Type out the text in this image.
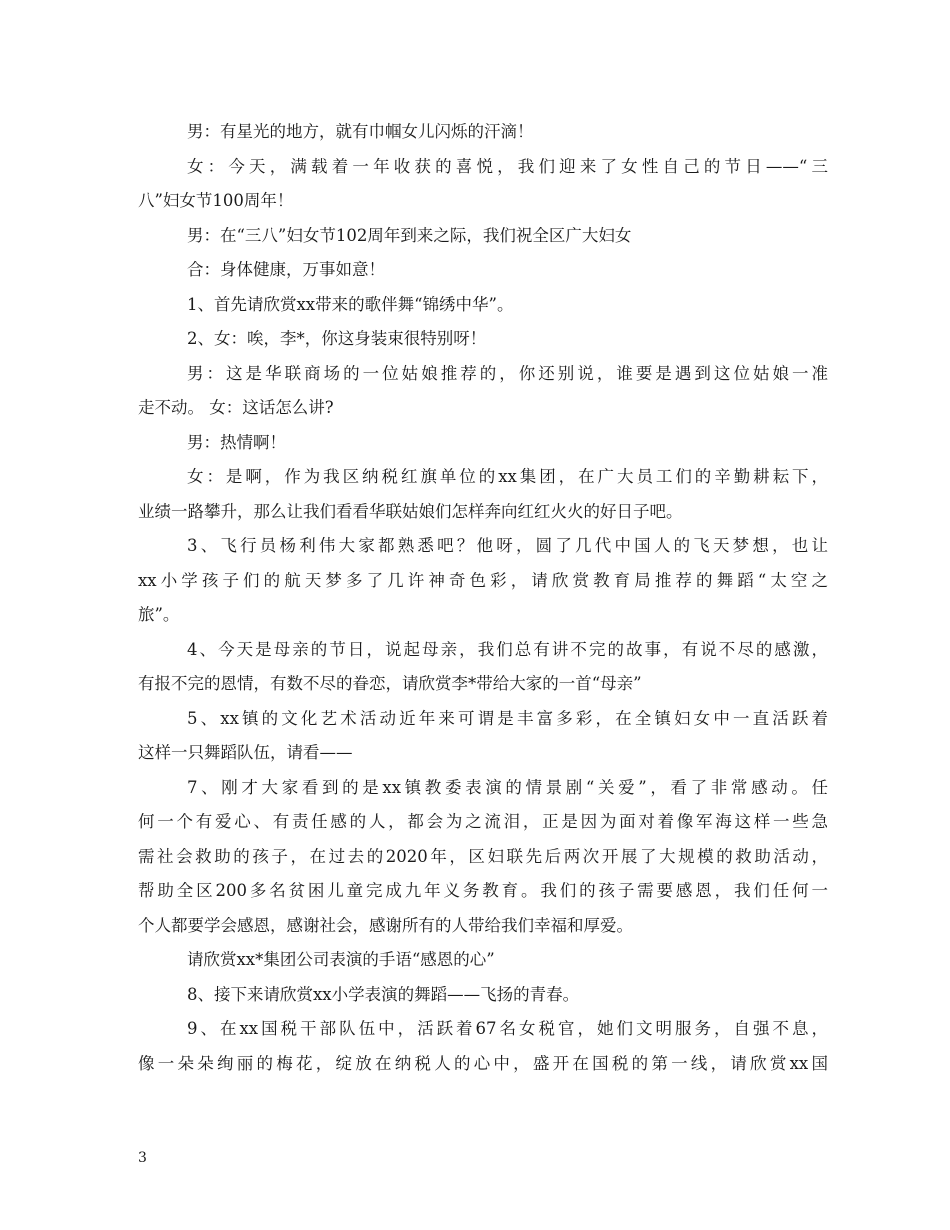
男：有星光的地方，就有巾帼女儿闪烁的汗滴！
女：今天，满载着一年收获的喜悦，我们迎来了女性自己的节日——“三
八”妇女节100周年！
男：在“三八”妇女节102周年到来之际，我们祝全区广大妇女
合：身体健康，万事如意！
1、首先请欣赏xx带来的歌伴舞“锦绣中华”。
2、女：唉，李*，你这身装束很特别呀！
男：这是华联商场的一位姑娘推荐的，你还别说，谁要是遇到这位姑娘一准
走不动。 女：这话怎么讲?
男：热情啊！
女：是啊，作为我区纳税红旗单位的xx集团，在广大员工们的辛勤耕耘下，
业绩一路攀升，那么让我们看看华联姑娘们怎样奔向红红火火的好日子吧。
3、飞行员杨利伟大家都熟悉吧？他呀，圆了几代中国人的飞天梦想，也让
xx小学孩子们的航天梦多了几许神奇色彩，请欣赏教育局推荐的舞蹈“太空之
旅”。
4、今天是母亲的节日，说起母亲，我们总有讲不完的故事，有说不尽的感激，
有报不完的恩情，有数不尽的眷恋，请欣赏李*带给大家的一首“母亲”
5、xx镇的文化艺术活动近年来可谓是丰富多彩，在全镇妇女中一直活跃着
这样一只舞蹈队伍，请看——
7、刚才大家看到的是xx镇教委表演的情景剧“关爱”，看了非常感动。任
何一个有爱心、有责任感的人，都会为之流泪，正是因为面对着像军海这样一些急
需社会救助的孩子，在过去的2020年，区妇联先后两次开展了大规模的救助活动，
帮助全区200多名贫困儿童完成九年义务教育。我们的孩子需要感恩，我们任何一
个人都要学会感恩，感谢社会，感谢所有的人带给我们幸福和厚爱。
请欣赏xx*集团公司表演的手语“感恩的心”
8、接下来请欣赏xx小学表演的舞蹈——飞扬的青春。
9、在xx国税干部队伍中，活跃着67名女税官，她们文明服务，自强不息，
像一朵朵绚丽的梅花，绽放在纳税人的心中，盛开在国税的第一线，请欣赏xx国
3
